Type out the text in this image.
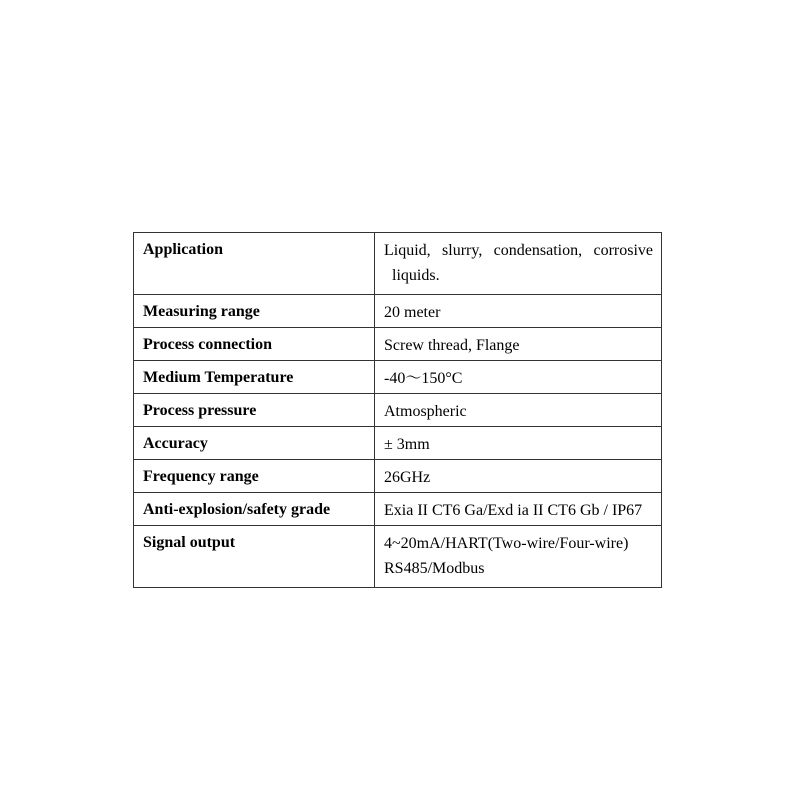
Application	Liquid, slurry, condensation, corrosive
liquids.

Measuring range	20 meter

Process connection	Screw thread, Flange

Medium Temperature	-40～150°C

Process pressure	Atmospheric

Accuracy	± 3mm

Frequency range	26GHz

Anti-explosion/safety grade	Exia II CT6 Ga/Exd ia II CT6 Gb / IP67

Signal output	4~20mA/HART(Two-wire/Four-wire)
RS485/Modbus
